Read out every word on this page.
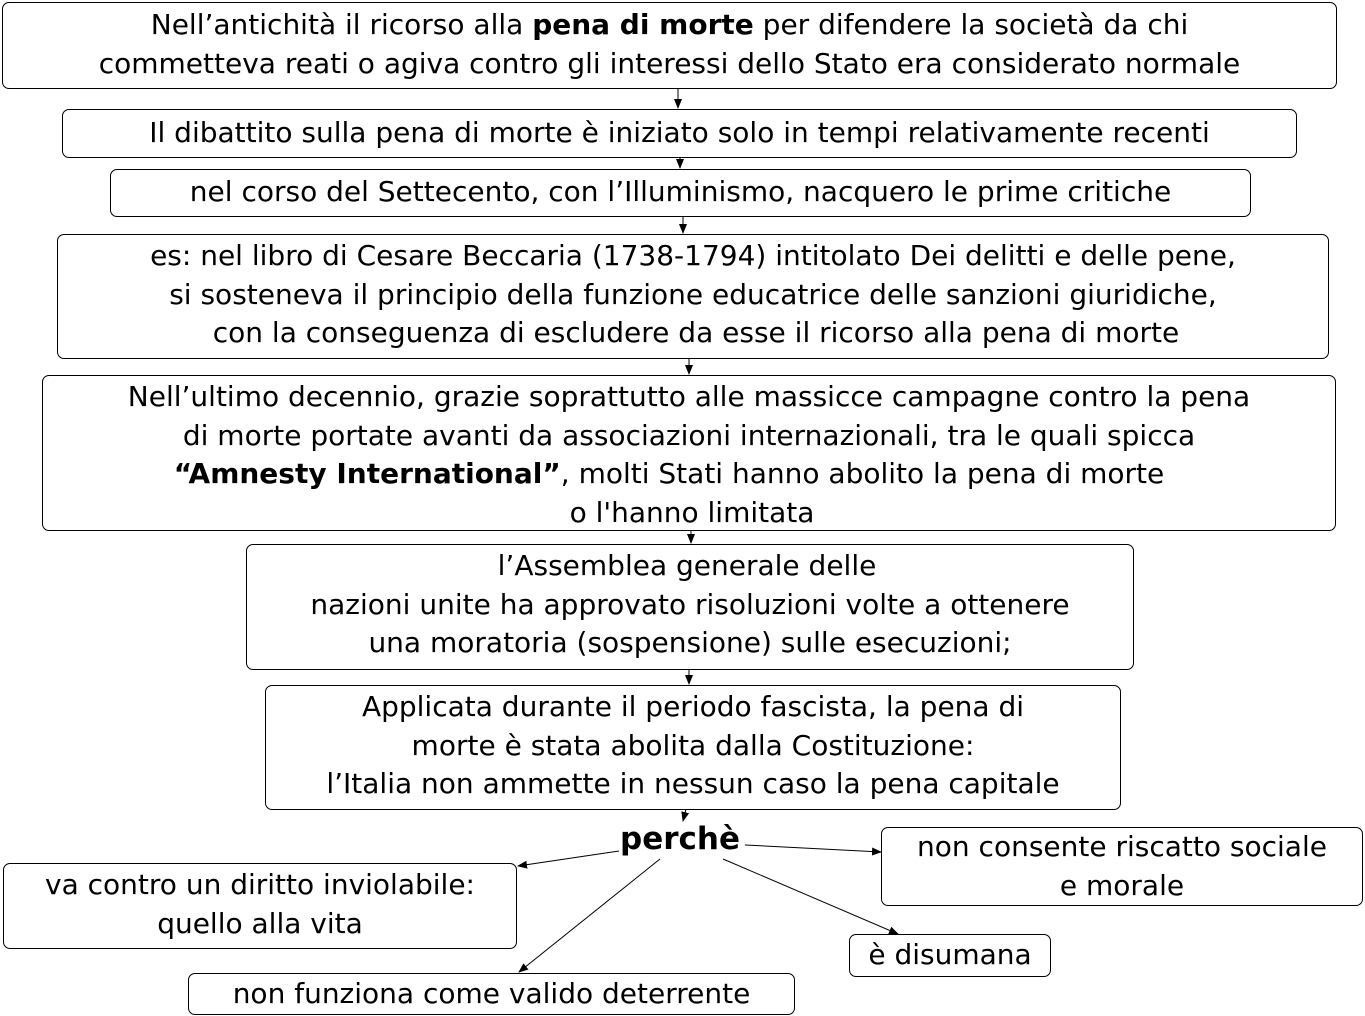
Nell’antichità il ricorso alla pena di morte per difendere la società da chi
commetteva reati o agiva contro gli interessi dello Stato era considerato normale
Il dibattito sulla pena di morte è iniziato solo in tempi relativamente recenti
nel corso del Settecento, con l’Illuminismo, nacquero le prime critiche
es: nel libro di Cesare Beccaria (1738-1794) intitolato Dei delitti e delle pene,
si sosteneva il principio della funzione educatrice delle sanzioni giuridiche,
con la conseguenza di escludere da esse il ricorso alla pena di morte
Nell’ultimo decennio, grazie soprattutto alle massicce campagne contro la pena
di morte portate avanti da associazioni internazionali, tra le quali spicca
“Amnesty International”, molti Stati hanno abolito la pena di morte
o l'hanno limitata
l’Assemblea generale delle
nazioni unite ha approvato risoluzioni volte a ottenere
una moratoria (sospensione) sulle esecuzioni;
Applicata durante il periodo fascista, la pena di
morte è stata abolita dalla Costituzione:
l’Italia non ammette in nessun caso la pena capitale
perchè
va contro un diritto inviolabile:
quello alla vita
non consente riscatto sociale
e morale
è disumana
non funziona come valido deterrente
